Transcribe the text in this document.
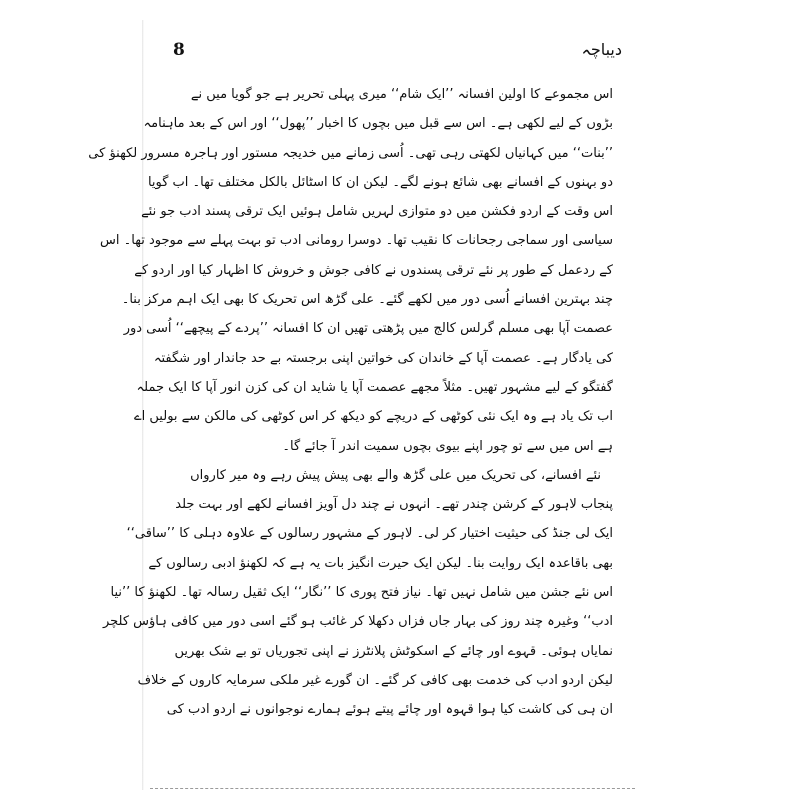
8	دیباچہ
اس مجموعے کا اولین افسانہ ’’ایک شام‘‘ میری پہلی تحریر ہے جو گویا میں نے
بڑوں کے لیے لکھی ہے۔ اس سے قبل میں بچوں کا اخبار ’’پھول‘‘ اور اس کے بعد ماہنامہ
’’بنات‘‘ میں کہانیاں لکھتی رہی تھی۔ اُسی زمانے میں خدیجہ مستور اور ہاجرہ مسرور لکھنؤ کی
دو بہنوں کے افسانے بھی شائع ہونے لگے۔ لیکن ان کا اسٹائل بالکل مختلف تھا۔ اب گویا
اس وقت کے اردو فکشن میں دو متوازی لہریں شامل ہوئیں ایک ترقی پسند ادب جو نئے
سیاسی اور سماجی رجحانات کا نقیب تھا۔ دوسرا رومانی ادب تو بہت پہلے سے موجود تھا۔ اس
کے ردعمل کے طور پر نئے ترقی پسندوں نے کافی جوش و خروش کا اظہار کیا اور اردو کے
چند بہترین افسانے اُسی دور میں لکھے گئے۔ علی گڑھ اس تحریک کا بھی ایک اہم مرکز بنا۔
عصمت آپا بھی مسلم گرلس کالج میں پڑھتی تھیں ان کا افسانہ ’’پردے کے پیچھے‘‘ اُسی دور
کی یادگار ہے۔ عصمت آپا کے خاندان کی خواتین اپنی برجستہ بے حد جاندار اور شگفتہ
گفتگو کے لیے مشہور تھیں۔ مثلاً مجھے عصمت آپا یا شاید ان کی کزن انور آپا کا ایک جملہ
اب تک یاد ہے وہ ایک نئی کوٹھی کے دریچے کو دیکھ کر اس کوٹھی کی مالکن سے بولیں اے
ہے اس میں سے تو چور اپنے بیوی بچوں سمیت اندر آ جائے گا۔
نئے افسانے، کی تحریک میں علی گڑھ والے بھی پیش پیش رہے وہ میر کارواں
پنجاب لاہور کے کرشن چندر تھے۔ انہوں نے چند دل آویز افسانے لکھے اور بہت جلد
ایک لی جنڈ کی حیثیت اختیار کر لی۔ لاہور کے مشہور رسالوں کے علاوہ دہلی کا ’’ساقی‘‘
بھی باقاعدہ ایک روایت بنا۔ لیکن ایک حیرت انگیز بات یہ ہے کہ لکھنؤ ادبی رسالوں کے
اس نئے جشن میں شامل نہیں تھا۔ نیاز فتح پوری کا ’’نگار‘‘ ایک ثقیل رسالہ تھا۔ لکھنؤ کا ’’نیا
ادب‘‘ وغیرہ چند روز کی بہار جاں فزاں دکھلا کر غائب ہو گئے اسی دور میں کافی ہاؤس کلچر
نمایاں ہوئی۔ قہوے اور چائے کے اسکوٹش پلانٹرز نے اپنی تجوریاں تو بے شک بھریں
لیکن اردو ادب کی خدمت بھی کافی کر گئے۔ ان گورے غیر ملکی سرمایہ کاروں کے خلاف
ان ہی کی کاشت کیا ہوا قہوہ اور چائے پیتے ہوئے ہمارے نوجوانوں نے اردو ادب کی
